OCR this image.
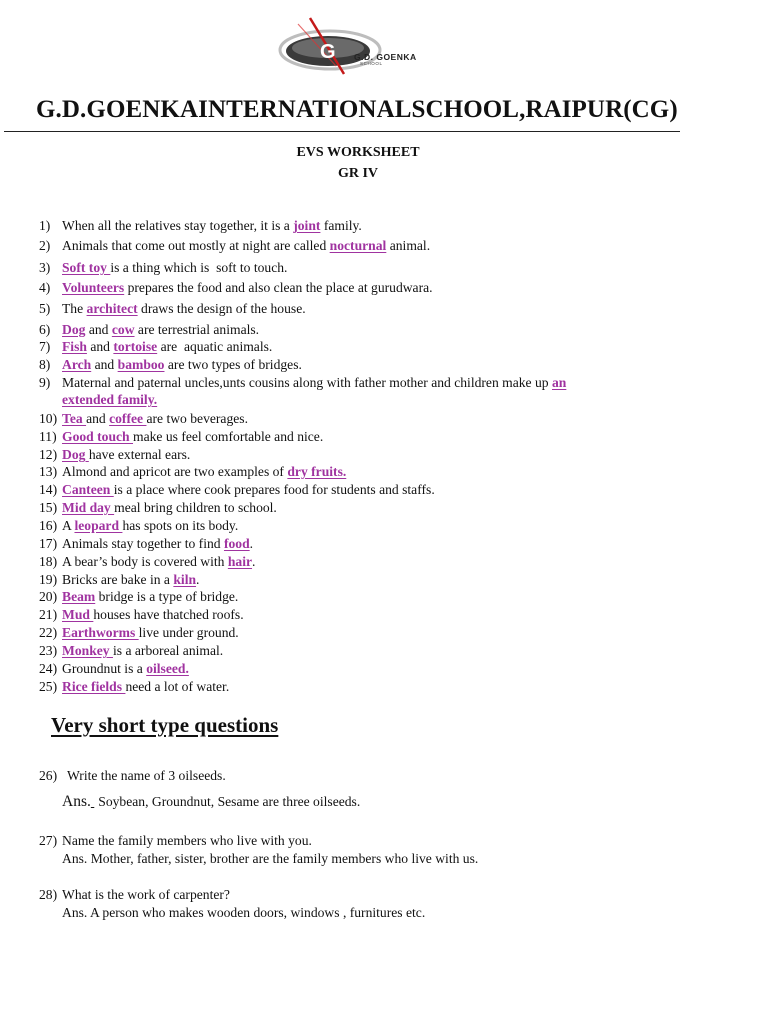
G G.D. GOENKA
SCHOOL
G.D.GOENKAINTERNATIONALSCHOOL,RAIPUR(CG)
EVS WORKSHEET
GR IV
1) When all the relatives stay together, it is a joint family.
2) Animals that come out mostly at night are called nocturnal animal.
3) Soft toy is a thing which is  soft to touch.
4) Volunteers prepares the food and also clean the place at gurudwara.
5) The architect draws the design of the house.
6) Dog and cow are terrestrial animals.
7) Fish and tortoise are  aquatic animals.
8) Arch and bamboo are two types of bridges.
9) Maternal and paternal uncles,unts cousins along with father mother and children make up an
extended family.
10) Tea and coffee are two beverages.
11) Good touch make us feel comfortable and nice.
12) Dog have external ears.
13) Almond and apricot are two examples of dry fruits.
14) Canteen is a place where cook prepares food for students and staffs.
15) Mid day meal bring children to school.
16) A leopard has spots on its body.
17) Animals stay together to find food.
18) A bear’s body is covered with hair.
19) Bricks are bake in a kiln.
20) Beam bridge is a type of bridge.
21) Mud houses have thatched roofs.
22) Earthworms live under ground.
23) Monkey is a arboreal animal.
24) Groundnut is a oilseed.
25) Rice fields need a lot of water.
Very short type questions
26) Write the name of 3 oilseeds.
Ans. Soybean, Groundnut, Sesame are three oilseeds.
27) Name the family members who live with you.
Ans. Mother, father, sister, brother are the family members who live with us.
28) What is the work of carpenter?
Ans. A person who makes wooden doors, windows , furnitures etc.
